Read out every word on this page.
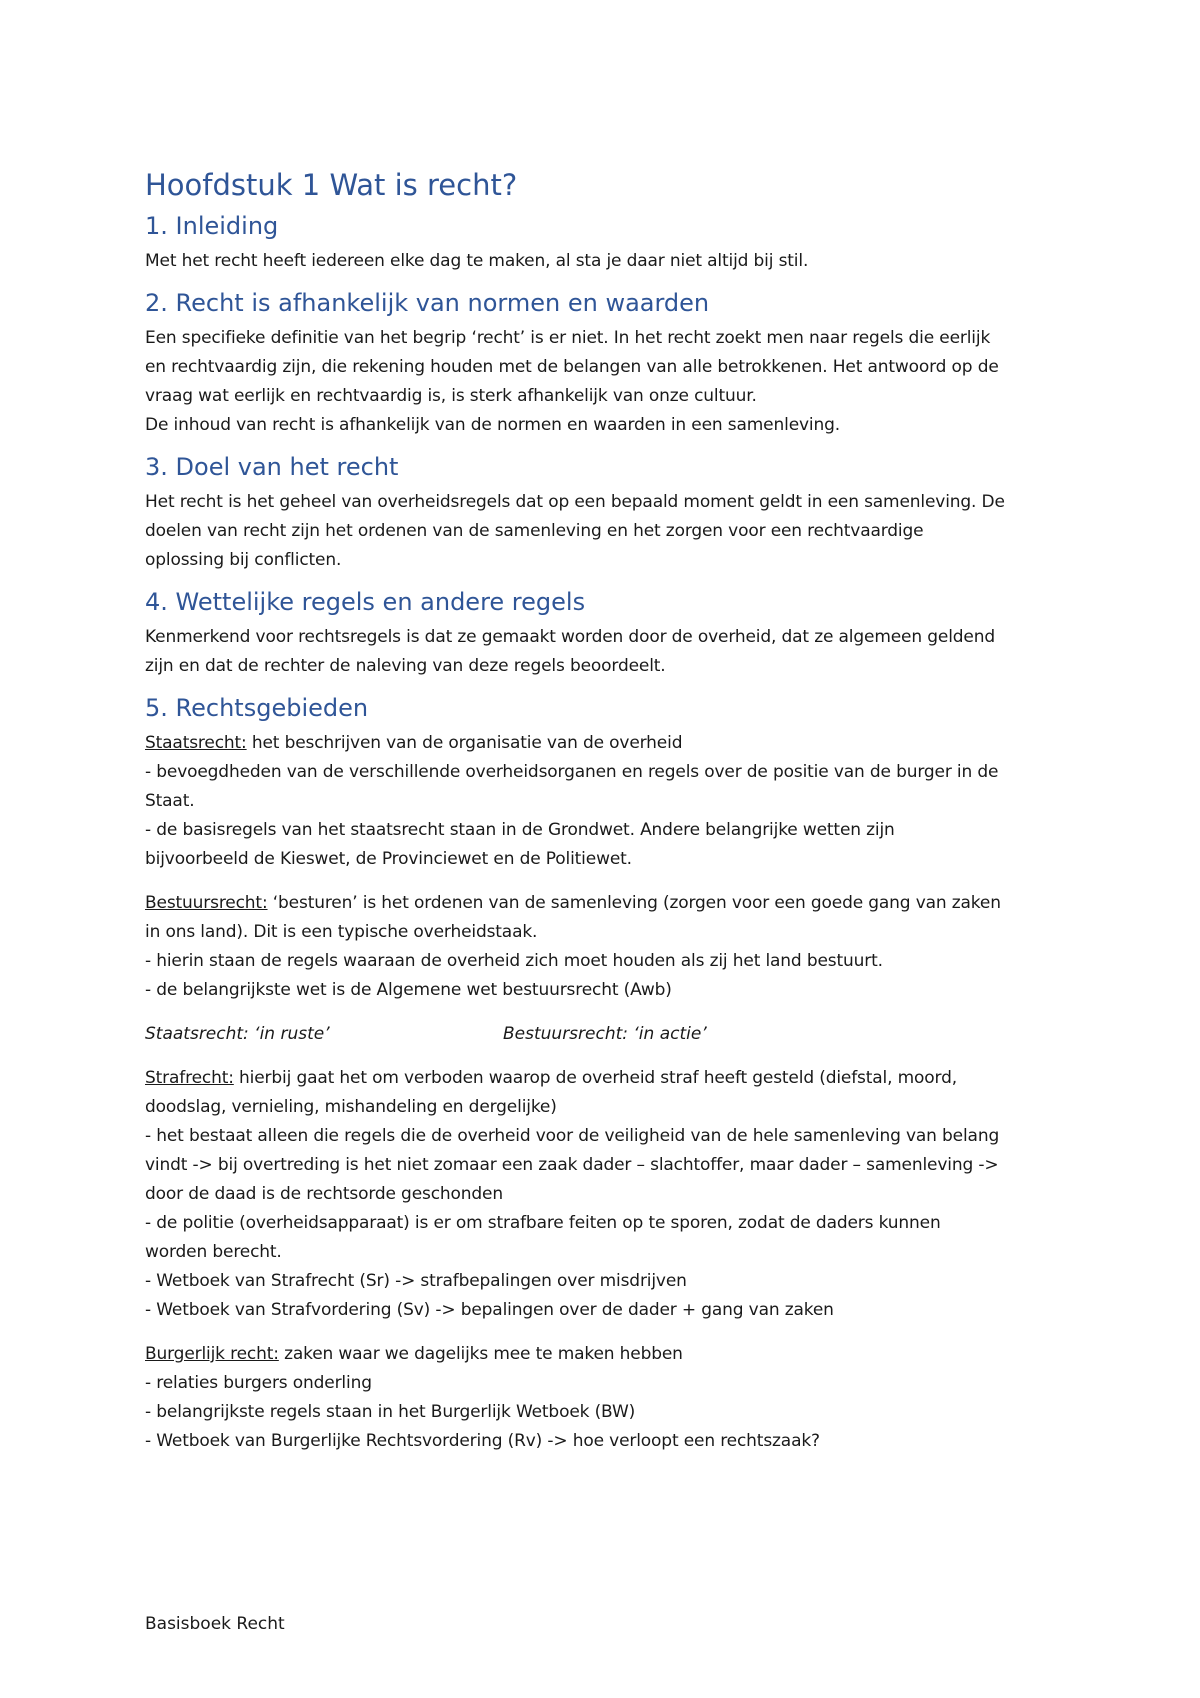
Hoofdstuk 1 Wat is recht?
1. Inleiding

Met het recht heeft iedereen elke dag te maken, al sta je daar niet altijd bij stil.

2. Recht is afhankelijk van normen en waarden

Een specifieke definitie van het begrip ‘recht’ is er niet. In het recht zoekt men naar regels die eerlijk

en rechtvaardig zijn, die rekening houden met de belangen van alle betrokkenen. Het antwoord op de

vraag wat eerlijk en rechtvaardig is, is sterk afhankelijk van onze cultuur.

De inhoud van recht is afhankelijk van de normen en waarden in een samenleving.

3. Doel van het recht

Het recht is het geheel van overheidsregels dat op een bepaald moment geldt in een samenleving. De

doelen van recht zijn het ordenen van de samenleving en het zorgen voor een rechtvaardige

oplossing bij conflicten.

4. Wettelijke regels en andere regels

Kenmerkend voor rechtsregels is dat ze gemaakt worden door de overheid, dat ze algemeen geldend

zijn en dat de rechter de naleving van deze regels beoordeelt.

5. Rechtsgebieden

Staatsrecht: het beschrijven van de organisatie van de overheid

- bevoegdheden van de verschillende overheidsorganen en regels over de positie van de burger in de

Staat.

- de basisregels van het staatsrecht staan in de Grondwet. Andere belangrijke wetten zijn

bijvoorbeeld de Kieswet, de Provinciewet en de Politiewet.

Bestuursrecht: ‘besturen’ is het ordenen van de samenleving (zorgen voor een goede gang van zaken

in ons land). Dit is een typische overheidstaak.

- hierin staan de regels waaraan de overheid zich moet houden als zij het land bestuurt.

- de belangrijkste wet is de Algemene wet bestuursrecht (Awb)

Staatsrecht: ‘in ruste’	Bestuursrecht: ‘in actie’

Strafrecht: hierbij gaat het om verboden waarop de overheid straf heeft gesteld (diefstal, moord,

doodslag, vernieling, mishandeling en dergelijke)

- het bestaat alleen die regels die de overheid voor de veiligheid van de hele samenleving van belang

vindt -> bij overtreding is het niet zomaar een zaak dader – slachtoffer, maar dader – samenleving ->

door de daad is de rechtsorde geschonden

- de politie (overheidsapparaat) is er om strafbare feiten op te sporen, zodat de daders kunnen

worden berecht.

- Wetboek van Strafrecht (Sr) -> strafbepalingen over misdrijven

- Wetboek van Strafvordering (Sv) -> bepalingen over de dader + gang van zaken

Burgerlijk recht: zaken waar we dagelijks mee te maken hebben

- relaties burgers onderling

- belangrijkste regels staan in het Burgerlijk Wetboek (BW)

- Wetboek van Burgerlijke Rechtsvordering (Rv) -> hoe verloopt een rechtszaak?

Basisboek Recht
